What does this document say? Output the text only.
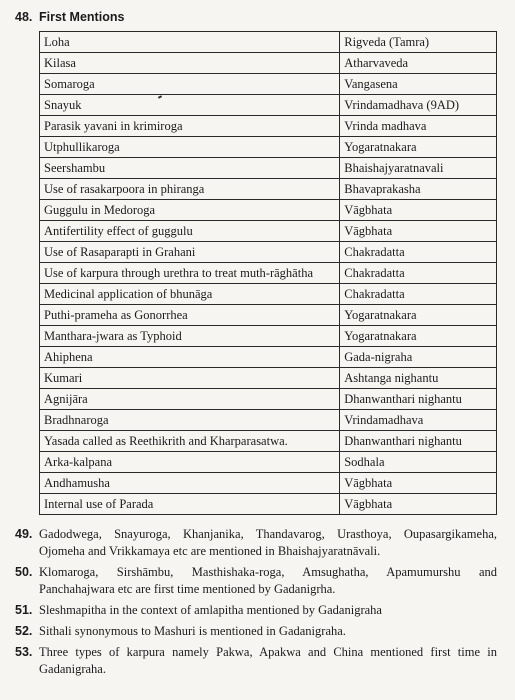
48. First Mentions
Loha	Rigveda (Tamra)
Kilasa	Atharvaveda
Somaroga	Vangasena
Snayuk	Vrindamadhava (9AD)
Parasik yavani in krimiroga	Vrinda madhava
Utphullikaroga	Yogaratnakara
Seershambu	Bhaishajyaratnavali
Use of rasakarpoora in phiranga	Bhavaprakasha
Guggulu in Medoroga	Vāgbhata
Antifertility effect of guggulu	Vāgbhata
Use of Rasaparapti in Grahani	Chakradatta
Use of karpura through urethra to treat muth-rāghātha	Chakradatta
Medicinal application of bhunāga	Chakradatta
Puthi-prameha as Gonorrhea	Yogaratnakara
Manthara-jwara as Typhoid	Yogaratnakara
Ahiphena	Gada-nigraha
Kumari	Ashtanga nighantu
Agnijāra	Dhanwanthari nighantu
Bradhnaroga	Vrindamadhava
Yasada called as Reethikrith and Kharparasatwa.	Dhanwanthari nighantu
Arka-kalpana	Sodhala
Andhamusha	Vāgbhata
Internal use of Parada	Vāgbhata
49. Gadodwega, Snayuroga, Khanjanika, Thandavarog, Urasthoya, Oupasargikameha, Ojomeha and Vrikkamaya etc are mentioned in Bhaishajyaratnāvali.
50. Klomaroga, Sirshāmbu, Masthishaka-roga, Amsughatha, Apamumurshu and Panchahajwara etc are first time mentioned by Gadanigrha.
51. Sleshmapitha in the context of amlapitha mentioned by Gadanigraha
52. Sithali synonymous to Mashuri is mentioned in Gadanigraha.
53. Three types of karpura namely Pakwa, Apakwa and China mentioned first time in Gadanigraha.
